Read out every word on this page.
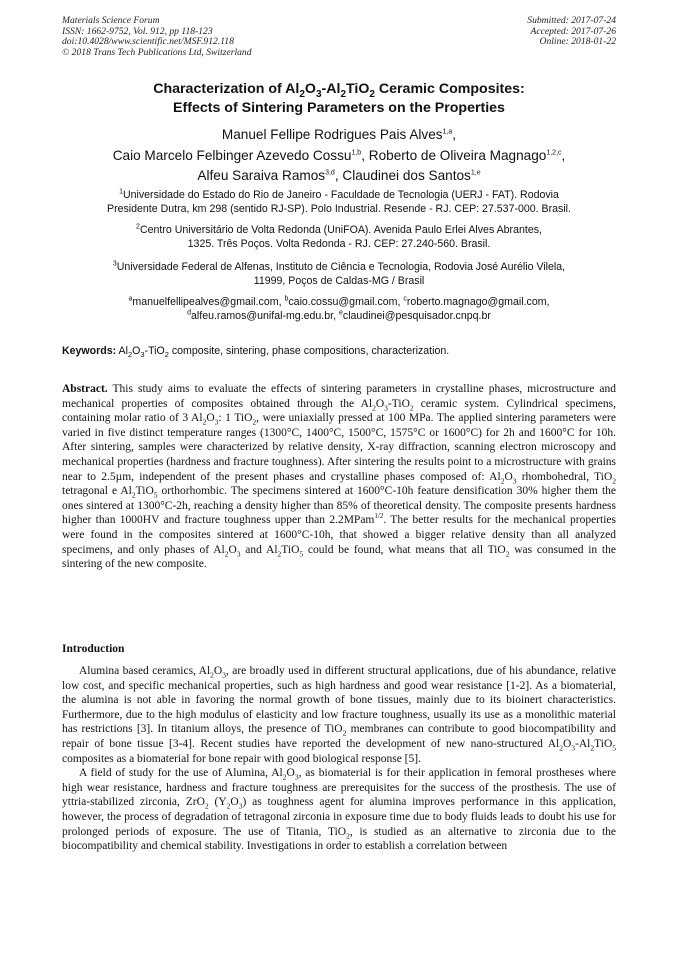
Materials Science Forum
ISSN: 1662-9752, Vol. 912, pp 118-123
doi:10.4028/www.scientific.net/MSF.912.118
© 2018 Trans Tech Publications Ltd, Switzerland
Submitted: 2017-07-24
Accepted: 2017-07-26
Online: 2018-01-22
Characterization of $Al_2O_3-Al_2TiO_2$ Ceramic Composites:
Effects of Sintering Parameters on the Properties
Manuel Fellipe Rodrigues Pais Alves$^{1,a}$,
Caio Marcelo Felbinger Azevedo Cossu$^{1,b}$, Roberto de Oliveira Magnago$^{1,2,c}$,
Alfeu Saraiva Ramos$^{3,d}$, Claudinei dos Santos$^{1,e}$
$^1$Universidade do Estado do Rio de Janeiro - Faculdade de Tecnologia (UERJ - FAT). Rodovia
Presidente Dutra, km 298 (sentido RJ-SP). Polo Industrial. Resende - RJ. CEP: 27.537-000. Brasil.
$^2$Centro Universitário de Volta Redonda (UniFOA). Avenida Paulo Erlei Alves Abrantes,
1325. Três Poços. Volta Redonda - RJ. CEP: 27.240-560. Brasil.
$^3$Universidade Federal de Alfenas, Instituto de Ciência e Tecnologia, Rodovia José Aurélio Vilela,
11999, Poços de Caldas-MG / Brasil
$^a$manuelfellipealves@gmail.com, $^b$caio.cossu@gmail.com, $^c$roberto.magnago@gmail.com,
$^d$alfeu.ramos@unifal-mg.edu.br, $^e$claudinei@pesquisador.cnpq.br
Keywords: $Al_2O_3-TiO_2$ composite, sintering, phase compositions, characterization.
Abstract. This study aims to evaluate the effects of sintering parameters in crystalline phases, microstructure and mechanical properties of composites obtained through the $Al_2O_3-TiO_2$ ceramic system. Cylindrical specimens, containing molar ratio of 3 $Al_2O_3$: 1 TiO$_2$, were uniaxially pressed at 100 MPa. The applied sintering parameters were varied in five distinct temperature ranges (1300°C, 1400°C, 1500°C, 1575°C or 1600°C) for 2h and 1600°C for 10h. After sintering, samples were characterized by relative density, X-ray diffraction, scanning electron microscopy and mechanical properties (hardness and fracture toughness). After sintering the results point to a microstructure with grains near to 2.5µm, independent of the present phases and crystalline phases composed of: $Al_2O_3$ rhombohedral, TiO$_2$ tetragonal e $Al_2TiO_5$ orthorhombic. The specimens sintered at 1600°C-10h feature densification 30% higher them the ones sintered at 1300°C-2h, reaching a density higher than 85% of theoretical density. The composite presents hardness higher than 1000HV and fracture toughness upper than 2.2MPam$^{1/2}$. The better results for the mechanical properties were found in the composites sintered at 1600°C-10h, that showed a bigger relative density than all analyzed specimens, and only phases of $Al_2O_3$ and $Al_2TiO_5$ could be found, what means that all TiO$_2$ was consumed in the sintering of the new composite.
Introduction

Alumina based ceramics, $Al_2O_3$, are broadly used in different structural applications, due of his abundance, relative low cost, and specific mechanical properties, such as high hardness and good wear resistance [1-2]. As a biomaterial, the alumina is not able in favoring the normal growth of bone tissues, mainly due to its bioinert characteristics. Furthermore, due to the high modulus of elasticity and low fracture toughness, usually its use as a monolithic material has restrictions [3]. In titanium alloys, the presence of TiO$_2$ membranes can contribute to good biocompatibility and repair of bone tissue [3-4]. Recent studies have reported the development of new nano-structured $Al_2O_3-Al_2TiO_5$ composites as a biomaterial for bone repair with good biological response [5].

A field of study for the use of Alumina, $Al_2O_3$, as biomaterial is for their application in femoral prostheses where high wear resistance, hardness and fracture toughness are prerequisites for the success of the prosthesis. The use of yttria-stabilized zirconia, ZrO$_2$ $(Y_2O_3)$ as toughness agent for alumina improves performance in this application, however, the process of degradation of tetragonal zirconia in exposure time due to body fluids leads to doubt his use for prolonged periods of exposure. The use of Titania, TiO$_2$, is studied as an alternative to zirconia due to the biocompatibility and chemical stability. Investigations in order to establish a correlation between
